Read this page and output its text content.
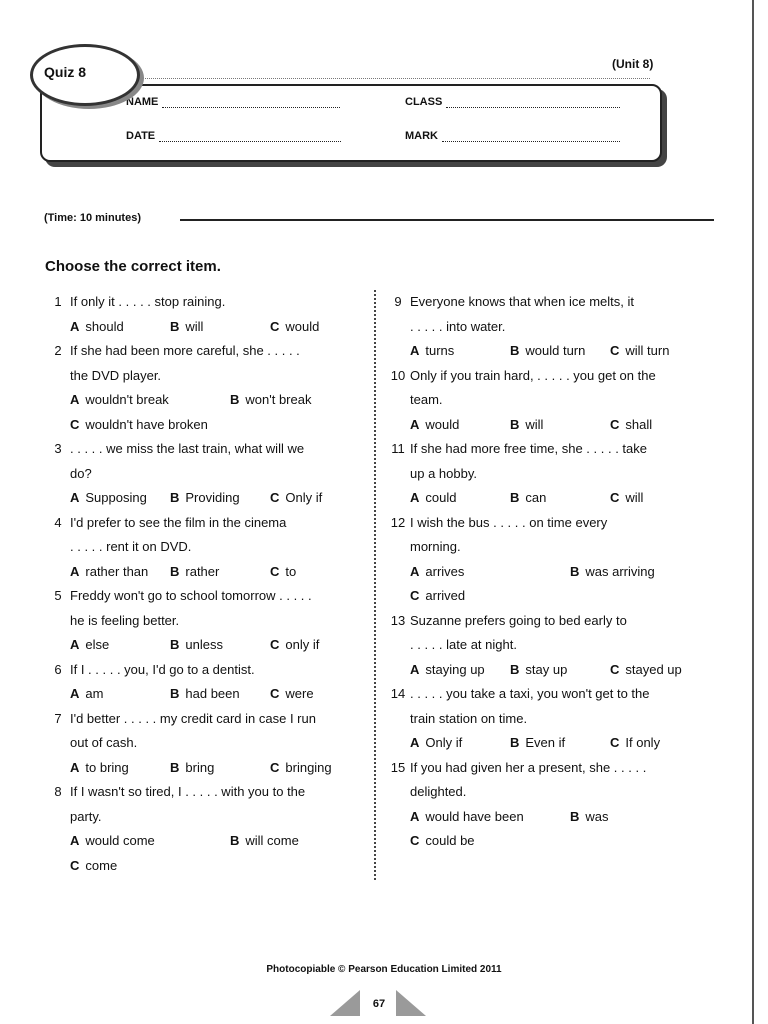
Quiz 8	(Unit 8)
NAME	CLASS
DATE	MARK
(Time: 10 minutes)
Choose the correct item.
1 If only it . . . . . stop raining.
A should	B will	C would
2 If she had been more careful, she . . . . .
the DVD player.
A wouldn't break	B won't break
C wouldn't have broken
3 . . . . . we miss the last train, what will we
do?
A Supposing B Providing C Only if
4 I'd prefer to see the film in the cinema
. . . . . rent it on DVD.
A rather than B rather	C to
5 Freddy won't go to school tomorrow . . . . .
he is feeling better.
A else	B unless	C only if
6 If I . . . . . you, I'd go to a dentist.
A am	B had been C were
7 I'd better . . . . . my credit card in case I run
out of cash.
A to bring	B bring	C bringing
8 If I wasn't so tired, I . . . . . with you to the
party.
A would come	B will come
C come
9 Everyone knows that when ice melts, it
. . . . . into water.
A turns	B would turn C will turn
10 Only if you train hard, . . . . . you get on the
team.
A would	B will	C shall
11 If she had more free time, she . . . . . take
up a hobby.
A could	B can	C will
12 I wish the bus . . . . . on time every
morning.
A arrives	B was arriving
C arrived
13 Suzanne prefers going to bed early to
. . . . . late at night.
A staying up B stay up	C stayed up
14 . . . . . you take a taxi, you won't get to the
train station on time.
A Only if	B Even if	C If only
15 If you had given her a present, she . . . . .
delighted.
A would have been	B was
C could be
Photocopiable © Pearson Education Limited 2011
67
